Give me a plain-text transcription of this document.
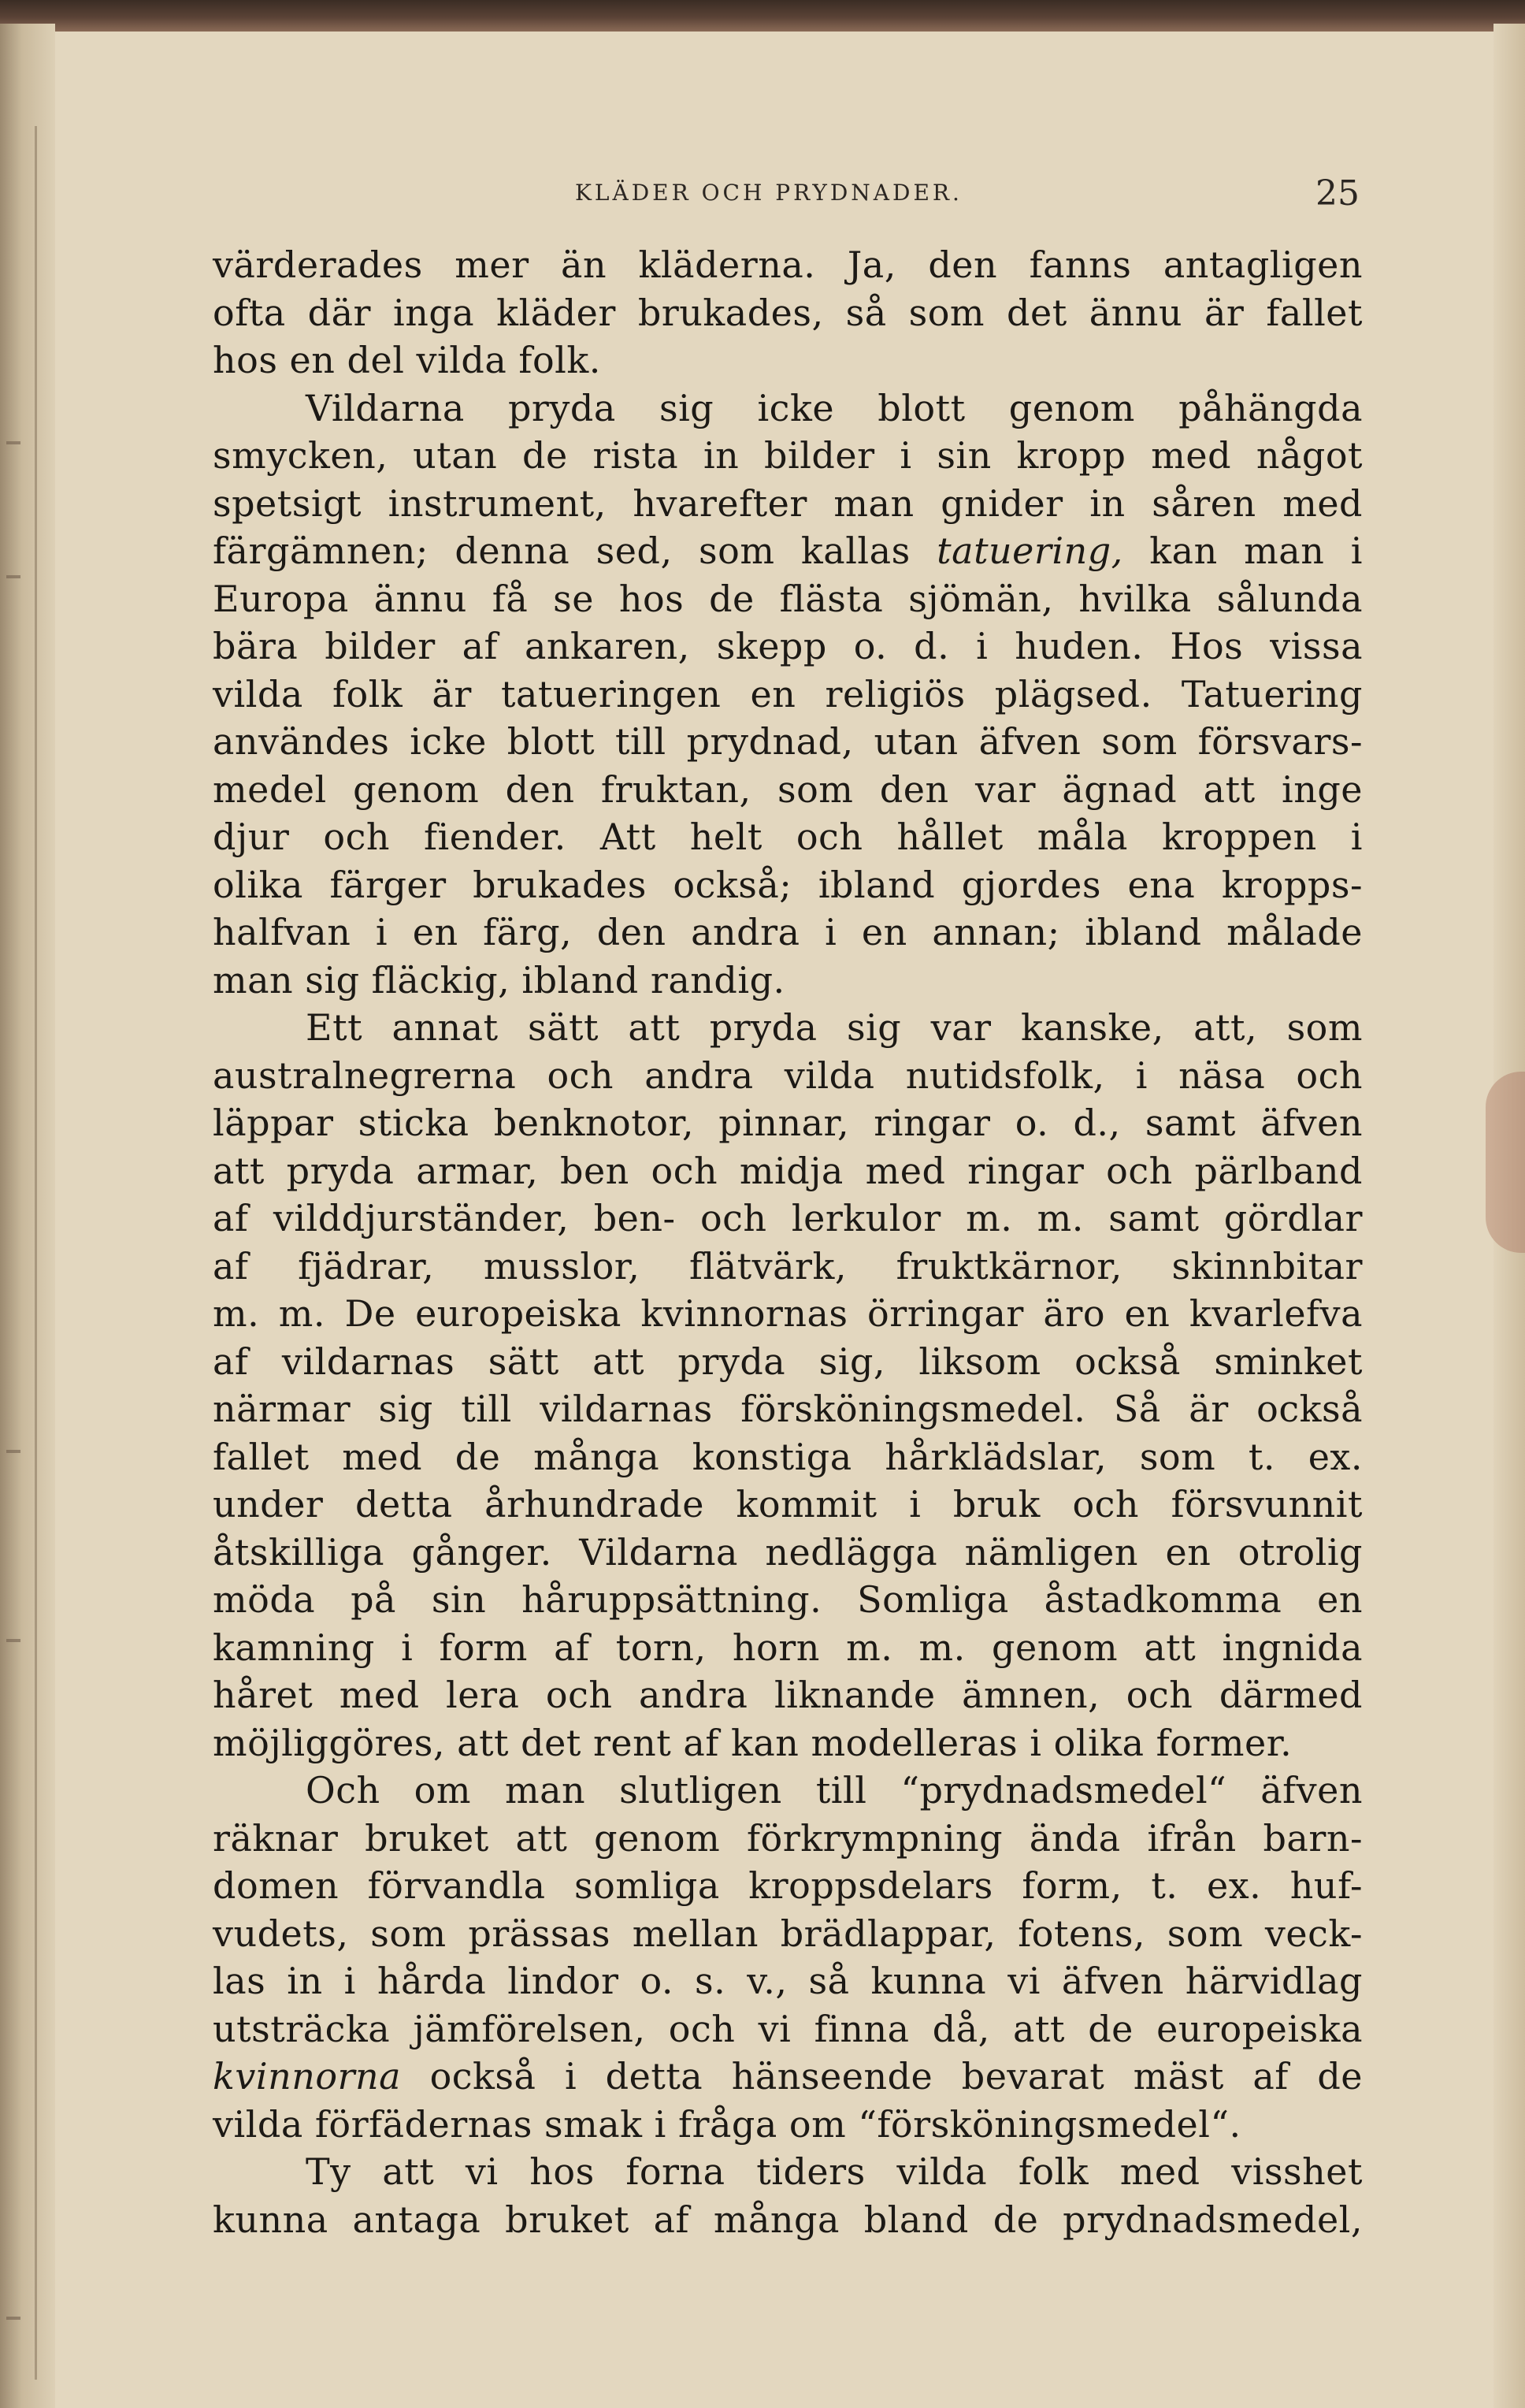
KLÄDER OCH PRYDNADER.	25
värderades mer än kläderna. Ja, den fanns antagligen
ofta där inga kläder brukades, så som det ännu är fallet
hos en del vilda folk.
Vildarna pryda sig icke blott genom påhängda
smycken, utan de rista in bilder i sin kropp med något
spetsigt instrument, hvarefter man gnider in såren med
färgämnen; denna sed, som kallas tatuering, kan man i
Europa ännu få se hos de flästa sjömän, hvilka sålunda
bära bilder af ankaren, skepp o. d. i huden. Hos vissa
vilda folk är tatueringen en religiös plägsed. Tatuering
användes icke blott till prydnad, utan äfven som försvars-
medel genom den fruktan, som den var ägnad att inge
djur och fiender. Att helt och hållet måla kroppen i
olika färger brukades också; ibland gjordes ena kropps-
halfvan i en färg, den andra i en annan; ibland målade
man sig fläckig, ibland randig.
Ett annat sätt att pryda sig var kanske, att, som
australnegrerna och andra vilda nutidsfolk, i näsa och
läppar sticka benknotor, pinnar, ringar o. d., samt äfven
att pryda armar, ben och midja med ringar och pärlband
af vilddjurständer, ben- och lerkulor m. m. samt gördlar
af fjädrar, musslor, flätvärk, fruktkärnor, skinnbitar
m. m. De europeiska kvinnornas örringar äro en kvarlefva
af vildarnas sätt att pryda sig, liksom också sminket
närmar sig till vildarnas försköningsmedel. Så är också
fallet med de många konstiga hårklädslar, som t. ex.
under detta århundrade kommit i bruk och försvunnit
åtskilliga gånger. Vildarna nedlägga nämligen en otrolig
möda på sin håruppsättning. Somliga åstadkomma en
kamning i form af torn, horn m. m. genom att ingnida
håret med lera och andra liknande ämnen, och därmed
möjliggöres, att det rent af kan modelleras i olika former.
Och om man slutligen till “prydnadsmedel“ äfven
räknar bruket att genom förkrympning ända ifrån barn-
domen förvandla somliga kroppsdelars form, t. ex. huf-
vudets, som prässas mellan brädlappar, fotens, som veck-
las in i hårda lindor o. s. v., så kunna vi äfven härvidlag
utsträcka jämförelsen, och vi finna då, att de europeiska
kvinnorna också i detta hänseende bevarat mäst af de
vilda förfädernas smak i fråga om “försköningsmedel“.
Ty att vi hos forna tiders vilda folk med visshet
kunna antaga bruket af många bland de prydnadsmedel,
